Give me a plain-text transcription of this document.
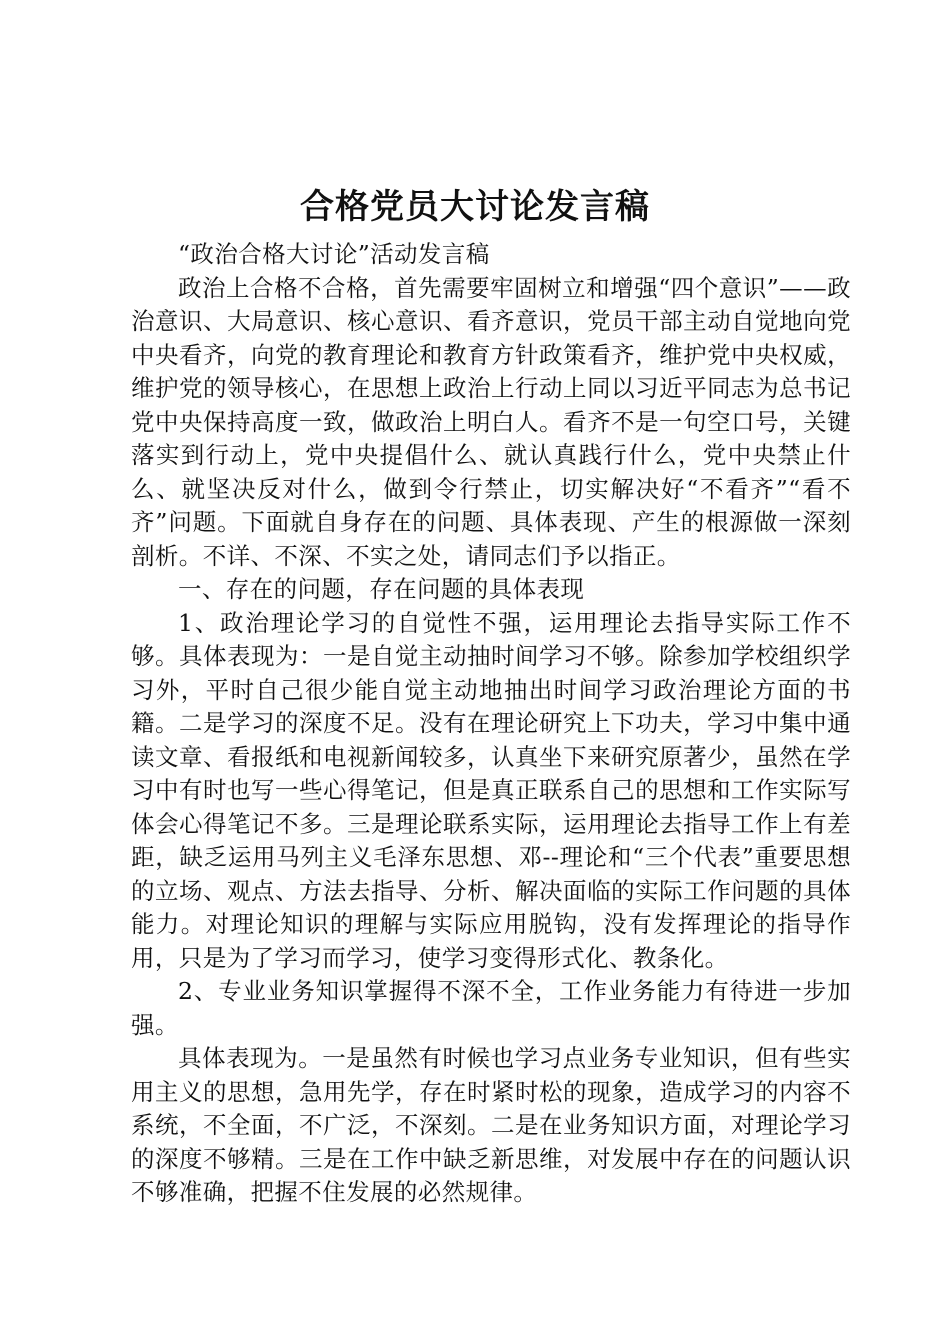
合格党员大讨论发言稿

“政治合格大讨论”活动发言稿

政治上合格不合格，首先需要牢固树立和增强“四个意识”——政治意识、大局意识、核心意识、看齐意识，党员干部主动自觉地向党中央看齐，向党的教育理论和教育方针政策看齐，维护党中央权威，维护党的领导核心，在思想上政治上行动上同以习近平同志为总书记党中央保持高度一致，做政治上明白人。看齐不是一句空口号，关键落实到行动上，党中央提倡什么、就认真践行什么，党中央禁止什么、就坚决反对什么，做到令行禁止，切实解决好“不看齐”“看不齐”问题。下面就自身存在的问题、具体表现、产生的根源做一深刻剖析。不详、不深、不实之处，请同志们予以指正。

一、存在的问题，存在问题的具体表现

1、政治理论学习的自觉性不强，运用理论去指导实际工作不够。具体表现为：一是自觉主动抽时间学习不够。除参加学校组织学习外，平时自己很少能自觉主动地抽出时间学习政治理论方面的书籍。二是学习的深度不足。没有在理论研究上下功夫，学习中集中通读文章、看报纸和电视新闻较多，认真坐下来研究原著少，虽然在学习中有时也写一些心得笔记，但是真正联系自己的思想和工作实际写体会心得笔记不多。三是理论联系实际，运用理论去指导工作上有差距，缺乏运用马列主义毛泽东思想、邓--理论和“三个代表”重要思想的立场、观点、方法去指导、分析、解决面临的实际工作问题的具体能力。对理论知识的理解与实际应用脱钩，没有发挥理论的指导作用，只是为了学习而学习，使学习变得形式化、教条化。

2、专业业务知识掌握得不深不全，工作业务能力有待进一步加强。

具体表现为。一是虽然有时候也学习点业务专业知识，但有些实用主义的思想，急用先学，存在时紧时松的现象，造成学习的内容不系统，不全面，不广泛，不深刻。二是在业务知识方面，对理论学习的深度不够精。三是在工作中缺乏新思维，对发展中存在的问题认识不够准确，把握不住发展的必然规律。
